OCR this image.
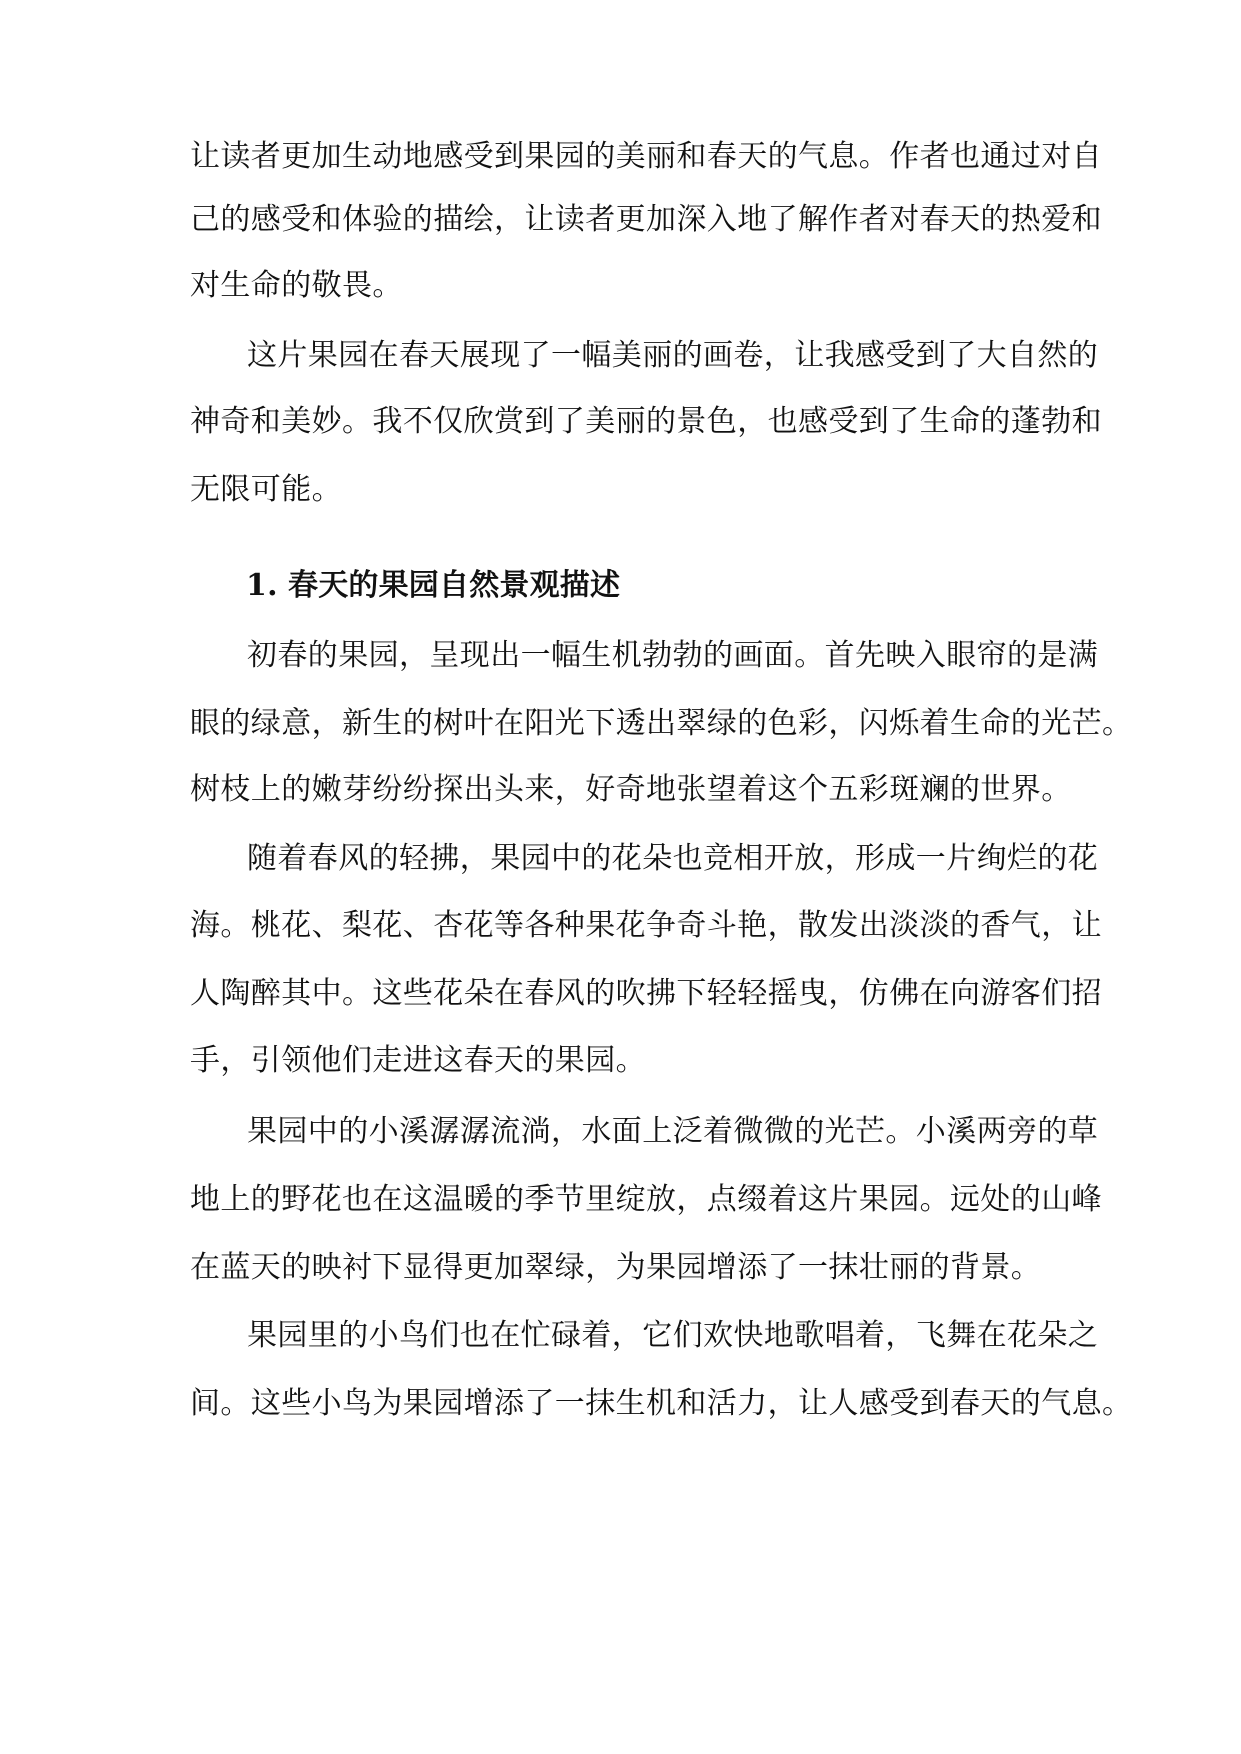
让读者更加生动地感受到果园的美丽和春天的气息。作者也通过对自
己的感受和体验的描绘，让读者更加深入地了解作者对春天的热爱和
对生命的敬畏。
这片果园在春天展现了一幅美丽的画卷，让我感受到了大自然的
神奇和美妙。我不仅欣赏到了美丽的景色，也感受到了生命的蓬勃和
无限可能。
1. 春天的果园自然景观描述
初春的果园，呈现出一幅生机勃勃的画面。首先映入眼帘的是满
眼的绿意，新生的树叶在阳光下透出翠绿的色彩，闪烁着生命的光芒。
树枝上的嫩芽纷纷探出头来，好奇地张望着这个五彩斑斓的世界。
随着春风的轻拂，果园中的花朵也竞相开放，形成一片绚烂的花
海。桃花、梨花、杏花等各种果花争奇斗艳，散发出淡淡的香气，让
人陶醉其中。这些花朵在春风的吹拂下轻轻摇曳，仿佛在向游客们招
手，引领他们走进这春天的果园。
果园中的小溪潺潺流淌，水面上泛着微微的光芒。小溪两旁的草
地上的野花也在这温暖的季节里绽放，点缀着这片果园。远处的山峰
在蓝天的映衬下显得更加翠绿，为果园增添了一抹壮丽的背景。
果园里的小鸟们也在忙碌着，它们欢快地歌唱着，飞舞在花朵之
间。这些小鸟为果园增添了一抹生机和活力，让人感受到春天的气息。
